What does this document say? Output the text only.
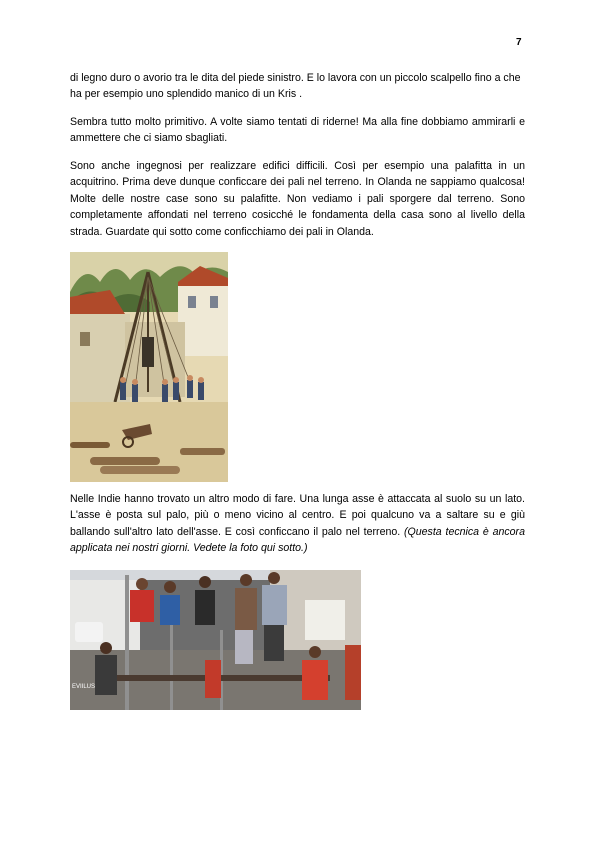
7

di legno duro o avorio tra le dita del piede sinistro. E lo lavora con un piccolo scalpello fino a che ha per esempio uno splendido manico di un Kris .

Sembra tutto molto primitivo. A volte siamo tentati di riderne! Ma alla fine dobbiamo ammirarli e ammettere che ci siamo sbagliati.

Sono anche ingegnosi per realizzare edifici difficili. Così per esempio una palafitta in un acquitrino. Prima deve dunque conficcare dei pali nel terreno. In Olanda ne sappiamo qualcosa! Molte delle nostre case sono su palafitte. Non vediamo i pali sporgere dal terreno. Sono completamente affondati nel terreno cosicché le fondamenta della casa sono al livello della strada. Guardate qui sotto come conficchiamo dei pali in Olanda.

Nelle Indie hanno trovato un altro modo di fare. Una lunga asse è attaccata al suolo su un lato. L'asse è posta sul palo, più o meno vicino al centro. E poi qualcuno va a saltare su e giù ballando sull'altro lato dell'asse. E così conficcano il palo nel terreno. (Questa tecnica è ancora applicata nei nostri giorni. Vedete la foto qui sotto.)

EVIILUS
